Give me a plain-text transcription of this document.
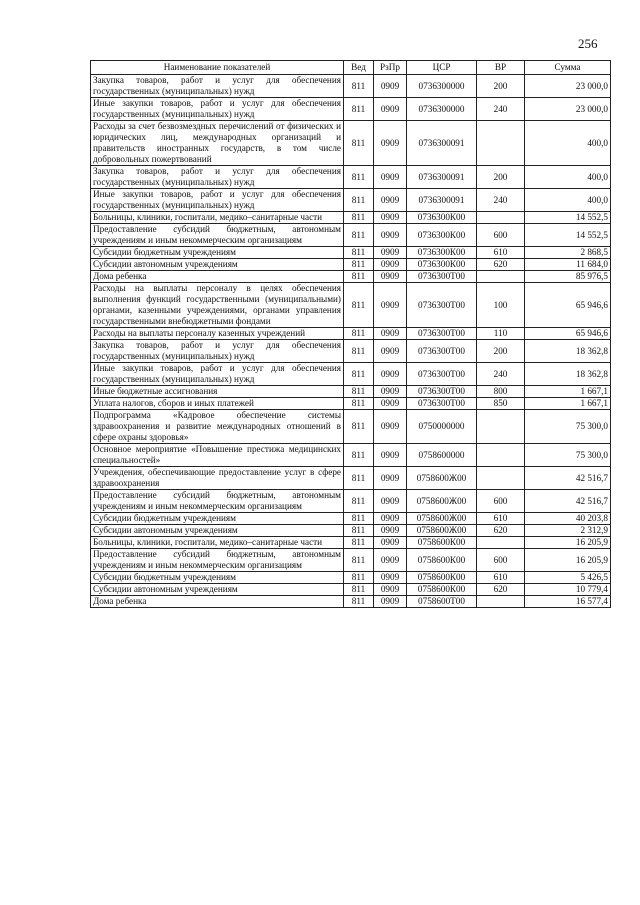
256
Наименование показателей	Вед	РзПр	ЦСР	ВР	Сумма
Закупка товаров, работ и услуг для обеспечения государственных (муниципальных) нужд	811	0909	0736300000	200	23 000,0
Иные закупки товаров, работ и услуг для обеспечения государственных (муниципальных) нужд	811	0909	0736300000	240	23 000,0
Расходы за счет безвозмездных перечислений от физических и юридических лиц, международных организаций и правительств иностранных государств, в том числе добровольных пожертвований	811	0909	0736300091		400,0
Закупка товаров, работ и услуг для обеспечения государственных (муниципальных) нужд	811	0909	0736300091	200	400,0
Иные закупки товаров, работ и услуг для обеспечения государственных (муниципальных) нужд	811	0909	0736300091	240	400,0
Больницы, клиники, госпитали, медико–санитарные части	811	0909	0736300К00		14 552,5
Предоставление субсидий бюджетным, автономным учреждениям и иным некоммерческим организациям	811	0909	0736300К00	600	14 552,5
Субсидии бюджетным учреждениям	811	0909	0736300К00	610	2 868,5
Субсидии автономным учреждениям	811	0909	0736300К00	620	11 684,0
Дома ребенка	811	0909	0736300Т00		85 976,5
Расходы на выплаты персоналу в целях обеспечения выполнения функций государственными (муниципальными) органами, казенными учреждениями, органами управления государственными внебюджетными фондами	811	0909	0736300Т00	100	65 946,6
Расходы на выплаты персоналу казенных учреждений	811	0909	0736300Т00	110	65 946,6
Закупка товаров, работ и услуг для обеспечения государственных (муниципальных) нужд	811	0909	0736300Т00	200	18 362,8
Иные закупки товаров, работ и услуг для обеспечения государственных (муниципальных) нужд	811	0909	0736300Т00	240	18 362,8
Иные бюджетные ассигнования	811	0909	0736300Т00	800	1 667,1
Уплата налогов, сборов и иных платежей	811	0909	0736300Т00	850	1 667,1
Подпрограмма «Кадровое обеспечение системы здравоохранения и развитие международных отношений в сфере охраны здоровья»	811	0909	0750000000		75 300,0
Основное мероприятие «Повышение престижа медицинских специальностей»	811	0909	0758600000		75 300,0
Учреждения, обеспечивающие предоставление услуг в сфере здравоохранения	811	0909	0758600Ж00		42 516,7
Предоставление субсидий бюджетным, автономным учреждениям и иным некоммерческим организациям	811	0909	0758600Ж00	600	42 516,7
Субсидии бюджетным учреждениям	811	0909	0758600Ж00	610	40 203,8
Субсидии автономным учреждениям	811	0909	0758600Ж00	620	2 312,9
Больницы, клиники, госпитали, медико–санитарные части	811	0909	0758600К00		16 205,9
Предоставление субсидий бюджетным, автономным учреждениям и иным некоммерческим организациям	811	0909	0758600К00	600	16 205,9
Субсидии бюджетным учреждениям	811	0909	0758600К00	610	5 426,5
Субсидии автономным учреждениям	811	0909	0758600К00	620	10 779,4
Дома ребенка	811	0909	0758600Т00		16 577,4
